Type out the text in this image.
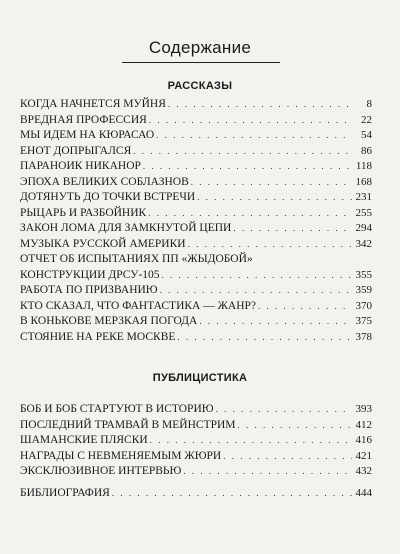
Содержание
РАССКАЗЫ
КОГДА НАЧНЕТСЯ МУЙНЯ . . .	8
ВРЕДНАЯ ПРОФЕССИЯ . . .	22
МЫ ИДЕМ НА КЮРАСАО . . .	54
ЕНОТ ДОПРЫГАЛСЯ . . .	86
ПАРАНОИК НИКАНОР . . .	118
ЭПОХА ВЕЛИКИХ СОБЛАЗНОВ . . .	168
ДОТЯНУТЬ ДО ТОЧКИ ВСТРЕЧИ . . .	231
РЫЦАРЬ И РАЗБОЙНИК . . .	255
ЗАКОН ЛОМА ДЛЯ ЗАМКНУТОЙ ЦЕПИ . . .	294
МУЗЫКА РУССКОЙ АМЕРИКИ . . .	342
ОТЧЕТ ОБ ИСПЫТАНИЯХ ПП «ЖЫДОБОЙ»
КОНСТРУКЦИИ ДРСУ-105 . . .	355
РАБОТА ПО ПРИЗВАНИЮ . . .	359
КТО СКАЗАЛ, ЧТО ФАНТАСТИКА — ЖАНР? . . .	370
В КОНЬКОВЕ МЕРЗКАЯ ПОГОДА . . .	375
СТОЯНИЕ НА РЕКЕ МОСКВЕ . . .	378
ПУБЛИЦИСТИКА
БОБ И БОБ СТАРТУЮТ В ИСТОРИЮ . . .	393
ПОСЛЕДНИЙ ТРАМВАЙ В МЕЙНСТРИМ . . .	412
ШАМАНСКИЕ ПЛЯСКИ . . .	416
НАГРАДЫ С НЕВМЕНЯЕМЫМ ЖЮРИ . . .	421
ЭКСКЛЮЗИВНОЕ ИНТЕРВЬЮ . . .	432
БИБЛИОГРАФИЯ . . .	444
